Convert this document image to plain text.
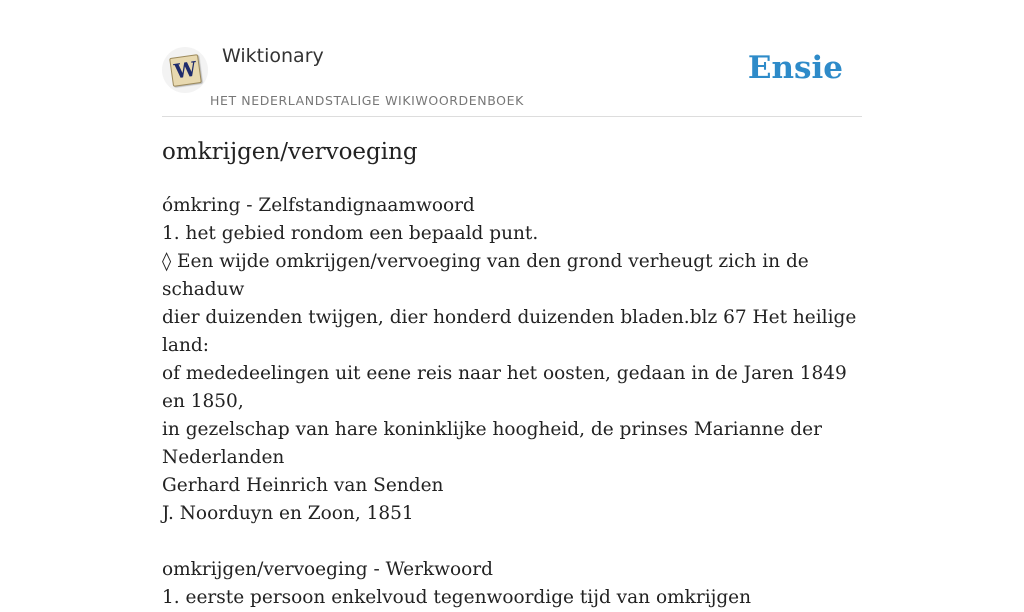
W
Wiktionary
HET NEDERLANDSTALIGE WIKIWOORDENBOEK
Ensie
omkrijgen/vervoeging
ómkring - Zelfstandignaamwoord
1. het gebied rondom een bepaald punt.
◊ Een wijde omkrijgen/vervoeging van den grond verheugt zich in de schaduw
dier duizenden twijgen, dier honderd duizenden bladen.blz 67 Het heilige land:
of mededeelingen uit eene reis naar het oosten, gedaan in de Jaren 1849 en 1850,
in gezelschap van hare koninklijke hoogheid, de prinses Marianne der
Nederlanden
Gerhard Heinrich van Senden
J. Noorduyn en Zoon, 1851
omkrijgen/vervoeging - Werkwoord
1. eerste persoon enkelvoud tegenwoordige tijd van omkrijgen
